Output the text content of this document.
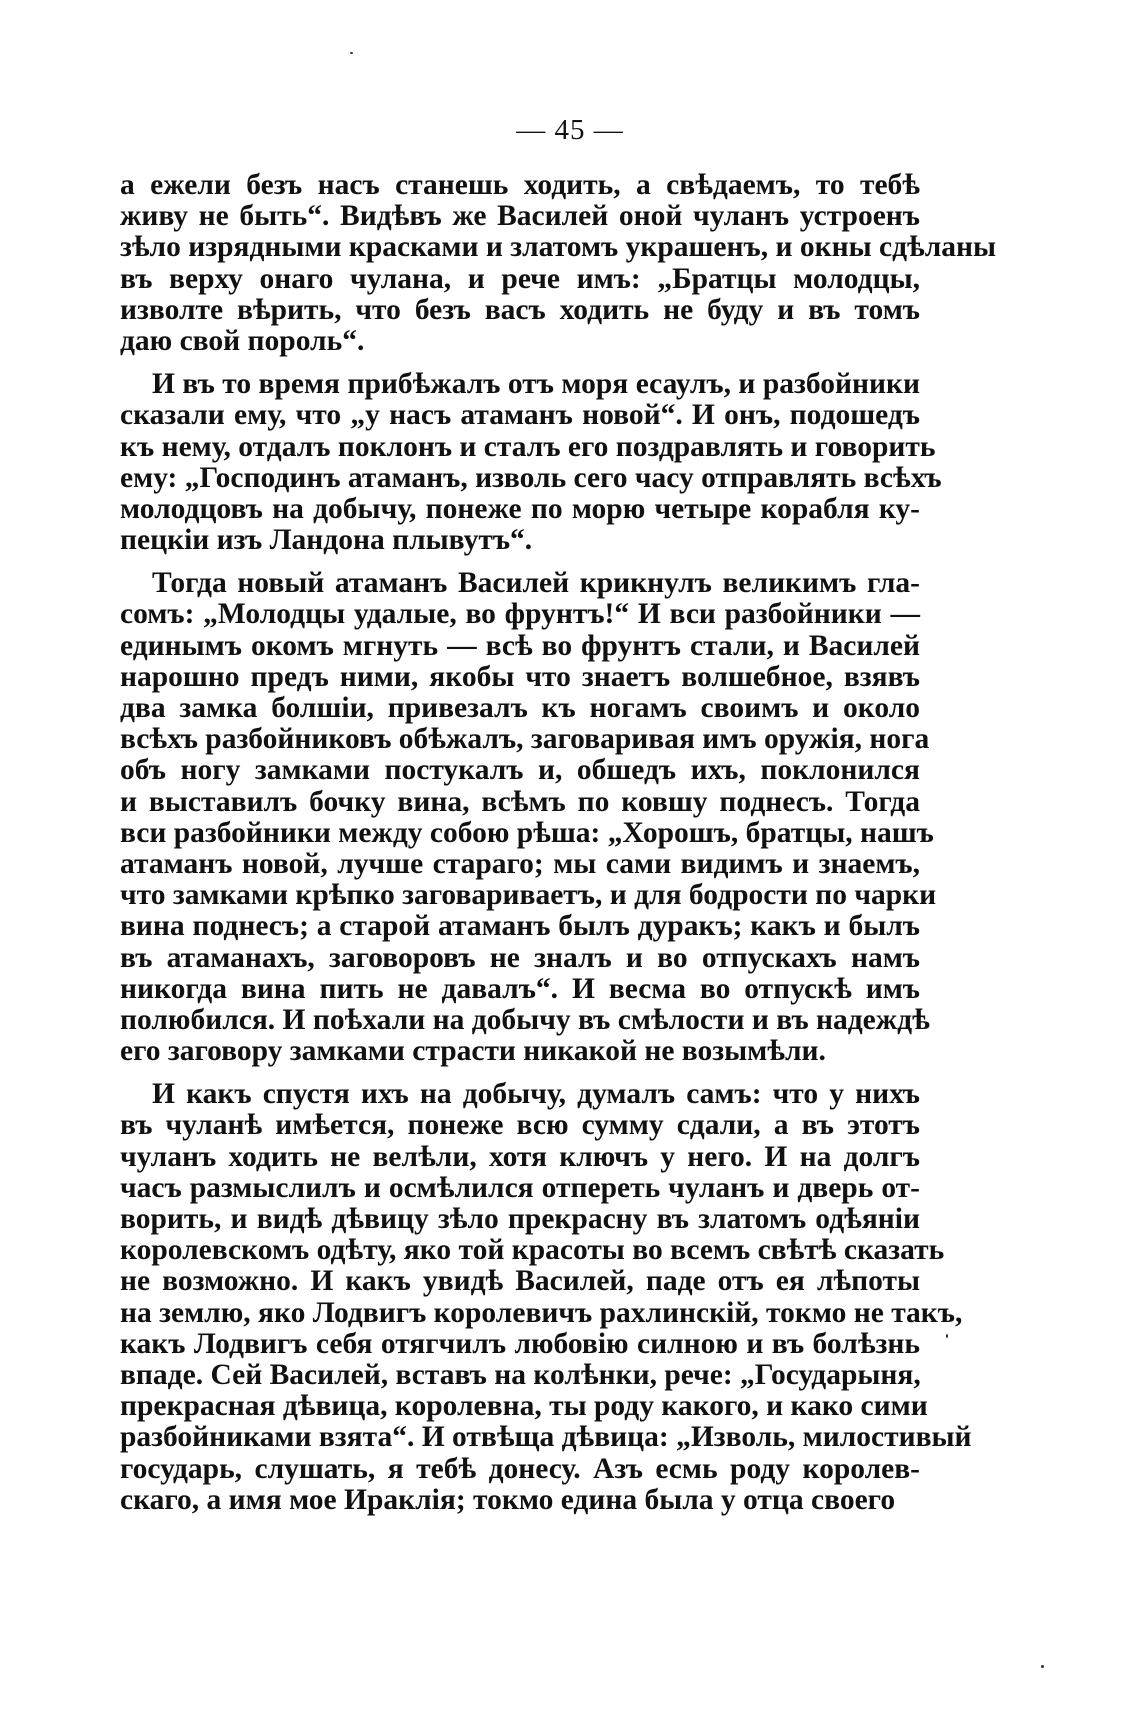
— 45 —
а ежели безъ насъ станешь ходить, а свѣдаемъ, то тебѣ
живу не быть“. Видѣвъ же Василей оной чуланъ устроенъ
зѣло изрядными красками и златомъ украшенъ, и окны сдѣланы
въ верху онаго чулана, и рече имъ: „Братцы молодцы,
изволте вѣрить, что безъ васъ ходить не буду и въ томъ
даю свой пороль“.
И въ то время прибѣжалъ отъ моря есаулъ, и разбойники
сказали ему, что „у насъ атаманъ новой“. И онъ, подошедъ
къ нему, отдалъ поклонъ и сталъ его поздравлять и говорить
ему: „Господинъ атаманъ, изволь сего часу отправлять всѣхъ
молодцовъ на добычу, понеже по морю четыре корабля ку-
пецкіи изъ Ландона плывутъ“.
Тогда новый атаманъ Василей крикнулъ великимъ гла-
сомъ: „Молодцы удалые, во фрунтъ!“ И вси разбойники —
единымъ окомъ мгнуть — всѣ во фрунтъ стали, и Василей
нарошно предъ ними, якобы что знаетъ волшебное, взявъ
два замка болшіи, привезалъ къ ногамъ своимъ и около
всѣхъ разбойниковъ обѣжалъ, заговаривая имъ оружія, нога
объ ногу замками постукалъ и, обшедъ ихъ, поклонился
и выставилъ бочку вина, всѣмъ по ковшу поднесъ. Тогда
вси разбойники между собою рѣша: „Хорошъ, братцы, нашъ
атаманъ новой, лучше стараго; мы сами видимъ и знаемъ,
что замками крѣпко заговариваетъ, и для бодрости по чарки
вина поднесъ; а старой атаманъ былъ дуракъ; какъ и былъ
въ атаманахъ, заговоровъ не зналъ и во отпускахъ намъ
никогда вина пить не давалъ“. И весма во отпускѣ имъ
полюбился. И поѣхали на добычу въ смѣлости и въ надеждѣ
его заговору замками страсти никакой не возымѣли.
И какъ спустя ихъ на добычу, думалъ самъ: что у нихъ
въ чуланѣ имѣется, понеже всю сумму сдали, а въ этотъ
чуланъ ходить не велѣли, хотя ключъ у него. И на долгъ
часъ размыслилъ и осмѣлился отпереть чуланъ и дверь от-
ворить, и видѣ дѣвицу зѣло прекрасну въ златомъ одѣяніи
королевскомъ одѣту, яко той красоты во всемъ свѣтѣ сказать
не возможно. И какъ увидѣ Василей, паде отъ ея лѣпоты
на землю, яко Лодвигъ королевичъ рахлинскій, токмо не такъ,
какъ Лодвигъ себя отягчилъ любовію силною и въ болѣзнь
впаде. Сей Василей, вставъ на колѣнки, рече: „Государыня,
прекрасная дѣвица, королевна, ты роду какого, и како сими
разбойниками взята“. И отвѣща дѣвица: „Изволь, милостивый
государь, слушать, я тебѣ донесу. Азъ есмь роду королев-
скаго, а имя мое Ираклія; токмо едина была у отца своего
